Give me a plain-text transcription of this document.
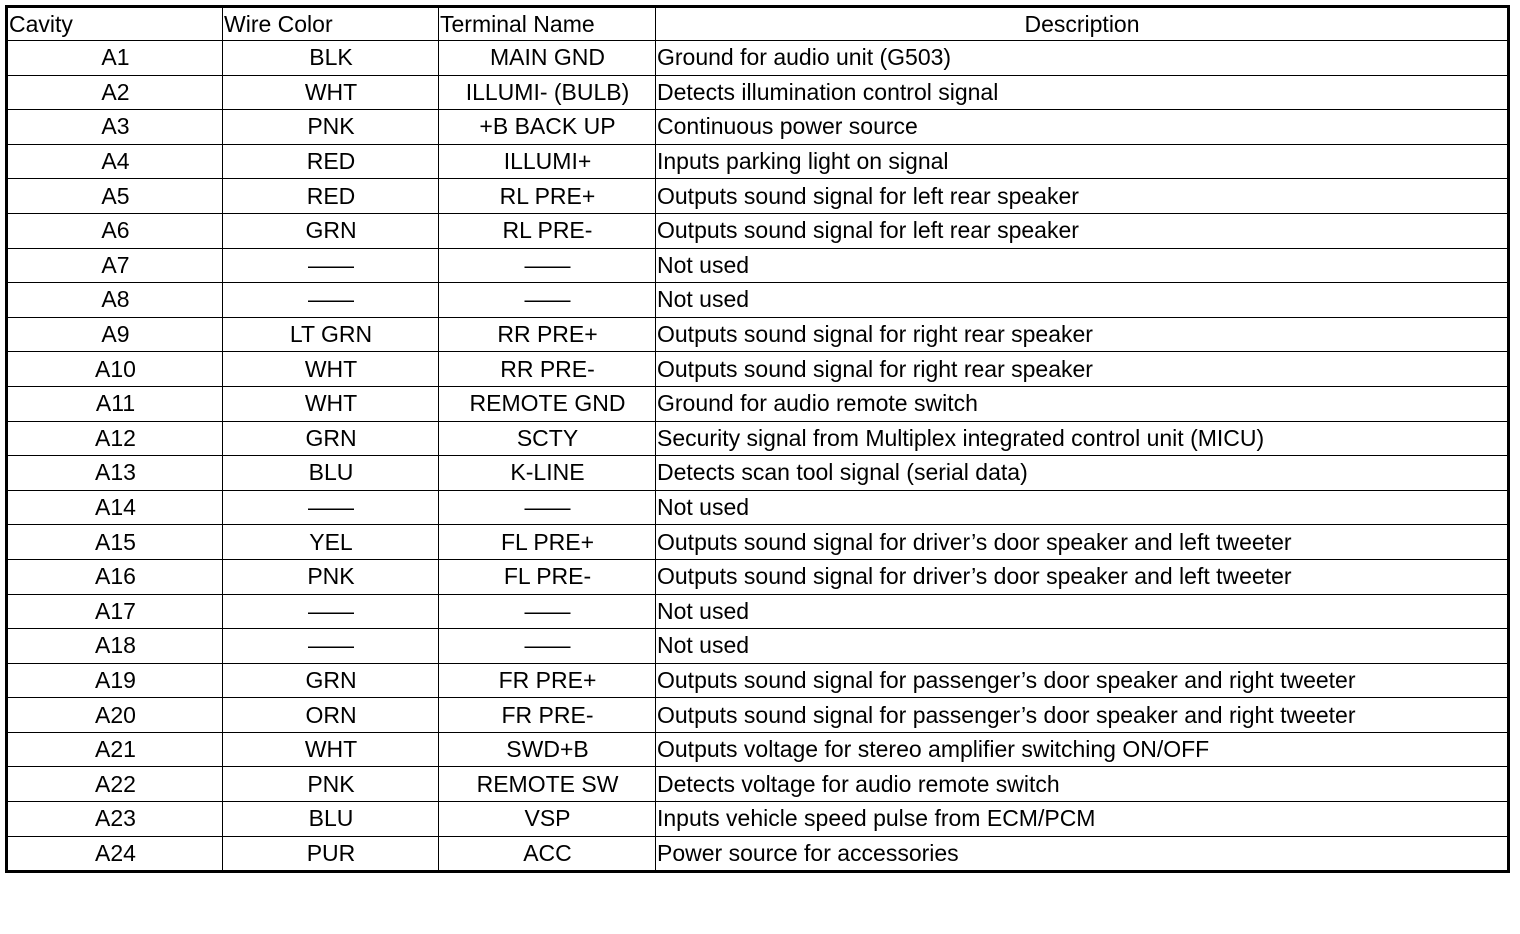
Cavity	Wire Color	Terminal Name	Description
A1	BLK	MAIN GND	Ground for audio unit (G503)
A2	WHT	ILLUMI- (BULB)	Detects illumination control signal
A3	PNK	+B BACK UP	Continuous power source
A4	RED	ILLUMI+	Inputs parking light on signal
A5	RED	RL PRE+	Outputs sound signal for left rear speaker
A6	GRN	RL PRE-	Outputs sound signal for left rear speaker
A7	——	——	Not used
A8	——	——	Not used
A9	LT GRN	RR PRE+	Outputs sound signal for right rear speaker
A10	WHT	RR PRE-	Outputs sound signal for right rear speaker
A11	WHT	REMOTE GND	Ground for audio remote switch
A12	GRN	SCTY	Security signal from Multiplex integrated control unit (MICU)
A13	BLU	K-LINE	Detects scan tool signal (serial data)
A14	——	——	Not used
A15	YEL	FL PRE+	Outputs sound signal for driver’s door speaker and left tweeter
A16	PNK	FL PRE-	Outputs sound signal for driver’s door speaker and left tweeter
A17	——	——	Not used
A18	——	——	Not used
A19	GRN	FR PRE+	Outputs sound signal for passenger’s door speaker and right tweeter
A20	ORN	FR PRE-	Outputs sound signal for passenger’s door speaker and right tweeter
A21	WHT	SWD+B	Outputs voltage for stereo amplifier switching ON/OFF
A22	PNK	REMOTE SW	Detects voltage for audio remote switch
A23	BLU	VSP	Inputs vehicle speed pulse from ECM/PCM
A24	PUR	ACC	Power source for accessories
